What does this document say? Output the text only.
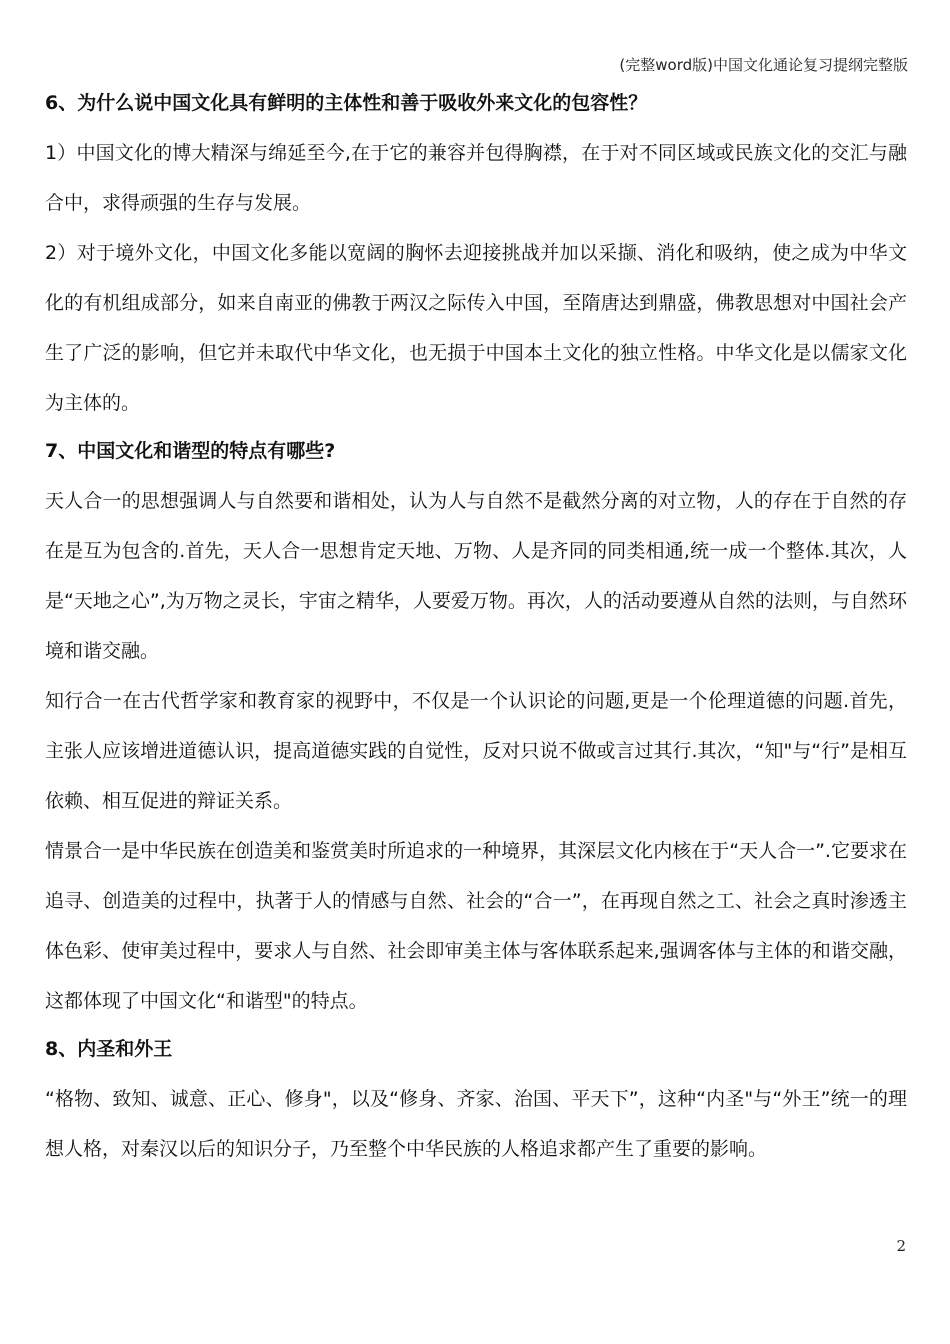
(完整word版)中国文化通论复习提纲完整版
6、为什么说中国文化具有鲜明的主体性和善于吸收外来文化的包容性？
1）中国文化的博大精深与绵延至今,在于它的兼容并包得胸襟，在于对不同区域或民族文化的交汇与融合中，求得顽强的生存与发展。
2）对于境外文化，中国文化多能以宽阔的胸怀去迎接挑战并加以采撷、消化和吸纳，使之成为中华文化的有机组成部分，如来自南亚的佛教于两汉之际传入中国，至隋唐达到鼎盛，佛教思想对中国社会产生了广泛的影响，但它并未取代中华文化，也无损于中国本土文化的独立性格。中华文化是以儒家文化为主体的。
7、中国文化和谐型的特点有哪些?
天人合一的思想强调人与自然要和谐相处，认为人与自然不是截然分离的对立物，人的存在于自然的存在是互为包含的.首先，天人合一思想肯定天地、万物、人是齐同的同类相通,统一成一个整体.其次，人是“天地之心”,为万物之灵长，宇宙之精华，人要爱万物。再次，人的活动要遵从自然的法则，与自然环境和谐交融。
知行合一在古代哲学家和教育家的视野中，不仅是一个认识论的问题,更是一个伦理道德的问题.首先，主张人应该增进道德认识，提高道德实践的自觉性，反对只说不做或言过其行.其次，“知"与“行”是相互依赖、相互促进的辩证关系。
情景合一是中华民族在创造美和鉴赏美时所追求的一种境界，其深层文化内核在于“天人合一”.它要求在追寻、创造美的过程中，执著于人的情感与自然、社会的“合一”，在再现自然之工、社会之真时渗透主体色彩、使审美过程中，要求人与自然、社会即审美主体与客体联系起来,强调客体与主体的和谐交融，这都体现了中国文化“和谐型"的特点。
8、内圣和外王
“格物、致知、诚意、正心、修身"，以及“修身、齐家、治国、平天下”，这种“内圣"与“外王”统一的理想人格，对秦汉以后的知识分子，乃至整个中华民族的人格追求都产生了重要的影响。
2
